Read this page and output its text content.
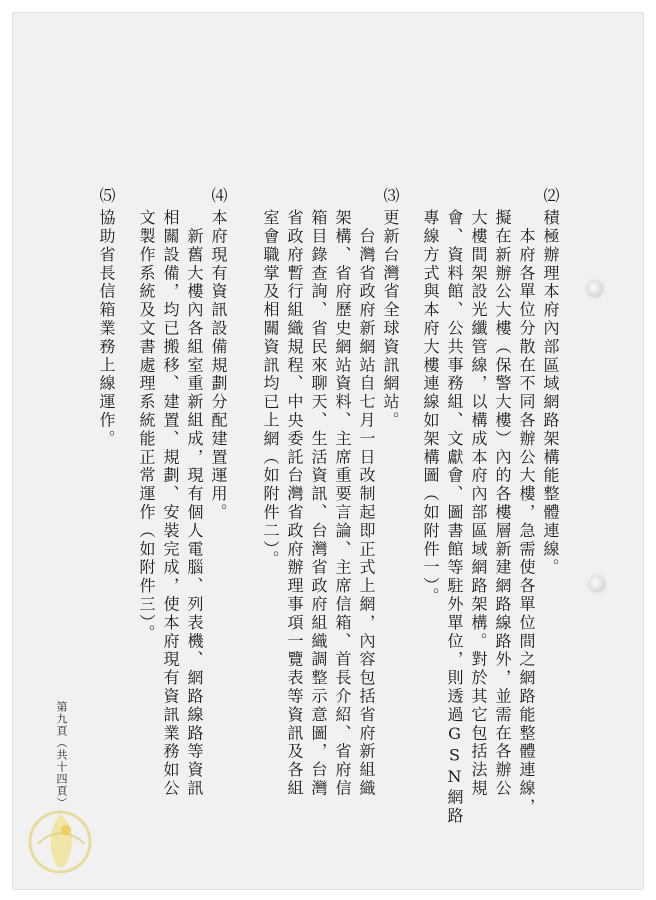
⑵
積極辦理本府內部區域網路架構能整體連線。
　本府各單位分散在不同各辦公大樓，急需使各單位間之網路能整體連線，
擬在新辦公大樓（保警大樓）內的各樓層新建網路線路外，並需在各辦公
大樓間架設光纖管線，以構成本府內部區域網路架構。對於其它包括法規
會、資料館、公共事務組、文獻會、圖書館等駐外單位，則透過GSN網路
專線方式與本府大樓連線如架構圖（如附件一）。
⑶
更新台灣省全球資訊網站。
　台灣省政府新網站自七月一日改制起即正式上網，內容包括省府新組織
架構、省府歷史網站資料、主席重要言論、主席信箱、首長介紹、省府信
箱目錄查詢、省民來聊天、生活資訊、台灣省政府組織調整示意圖，台灣
省政府暫行組織規程、中央委託台灣省政府辦理事項一覽表等資訊及各組
室會職掌及相關資訊均已上網（如附件二）。
⑷
本府現有資訊設備規劃分配建置運用。
　新舊大樓內各組室重新組成，現有個人電腦、列表機、網路線路等資訊
相關設備，均已搬移、建置、規劃、安裝完成，使本府現有資訊業務如公
文製作系統及文書處理系統能正常運作（如附件三）。
⑸
協助省長信箱業務上線運作。
第九頁（共十四頁）
